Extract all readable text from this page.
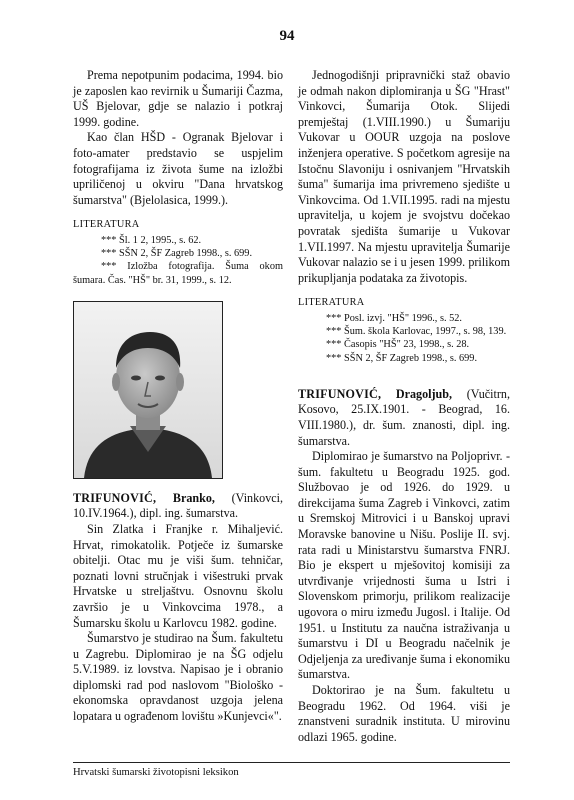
94

Prema nepotpunim podacima, 1994. bio je zaposlen kao revirnik u Šumariji Čazma, UŠ Bjelovar, gdje se nalazio i potkraj 1999. godine.

Kao član HŠD - Ogranak Bjelovar i foto-amater predstavio se uspjelim fotografijama iz života šume na izložbi upriličenoj u okviru "Dana hrvatskog šumarstva" (Bjelolasica, 1999.).

LITERATURA
*** Šl. 1 2, 1995., s. 62.
*** SŠN 2, ŠF Zagreb 1998., s. 699.
*** Izložba fotografija. Šuma okom šumara. Čas. "HŠ" br. 31, 1999., s. 12.

TRIFUNOVIĆ, Branko, (Vinkovci, 10.IV.1964.), dipl. ing. šumarstva.

Sin Zlatka i Franjke r. Mihaljević. Hrvat, rimokatolik. Potječe iz šumarske obitelji. Otac mu je viši šum. tehničar, poznati lovni stručnjak i višestruki prvak Hrvatske u streljaštvu. Osnovnu školu završio je u Vinkovcima 1978., a Šumarsku školu u Karlovcu 1982. godine.

Šumarstvo je studirao na Šum. fakultetu u Zagrebu. Diplomirao je na ŠG odjelu 5.V.1989. iz lovstva. Napisao je i obranio diplomski rad pod naslovom "Biološko - ekonomska opravdanost uzgoja jelena lopatara u ograđenom lovištu »Kunjevci«".

Jednogodišnji pripravnički staž obavio je odmah nakon diplomiranja u ŠG "Hrast" Vinkovci, Šumarija Otok. Slijedi premještaj (1.VIII.1990.) u Šumariju Vukovar u OOUR uzgoja na poslove inženjera operative. S početkom agresije na Istočnu Slavoniju i osnivanjem "Hrvatskih šuma" šumarija ima privremeno sjedište u Vinkovcima. Od 1.VII.1995. radi na mjestu upravitelja, u kojem je svojstvu dočekao povratak sjedišta šumarije u Vukovar 1.VII.1997. Na mjestu upravitelja Šumarije Vukovar nalazio se i u jesen 1999. prilikom prikupljanja podataka za životopis.

LITERATURA
*** Posl. izvj. "HŠ" 1996., s. 52.
*** Šum. škola Karlovac, 1997., s. 98, 139.
*** Časopis "HŠ" 23, 1998., s. 28.
*** SŠN 2, ŠF Zagreb 1998., s. 699.

TRIFUNOVIĆ, Dragoljub, (Vučitrn, Kosovo, 25.IX.1901. - Beograd, 16. VIII.1980.), dr. šum. znanosti, dipl. ing. šumarstva.

Diplomirao je šumarstvo na Poljoprivr. - šum. fakultetu u Beogradu 1925. god. Službovao je od 1926. do 1929. u direkcijama šuma Zagreb i Vinkovci, zatim u Sremskoj Mitrovici i u Banskoj upravi Moravske banovine u Nišu. Poslije II. svj. rata radi u Ministarstvu šumarstva FNRJ. Bio je ekspert u mješovitoj komisiji za utvrđivanje vrijednosti šuma u Istri i Slovenskom primorju, prilikom realizacije ugovora o miru između Jugosl. i Italije. Od 1951. u Institutu za naučna istraživanja u šumarstvu i DI u Beogradu načelnik je Odjeljenja za uređivanje šuma i ekonomiku šumarstva.

Doktorirao je na Šum. fakultetu u Beogradu 1962. Od 1964. viši je znanstveni suradnik instituta. U mirovinu odlazi 1965. godine.

Hrvatski šumarski životopisni leksikon
